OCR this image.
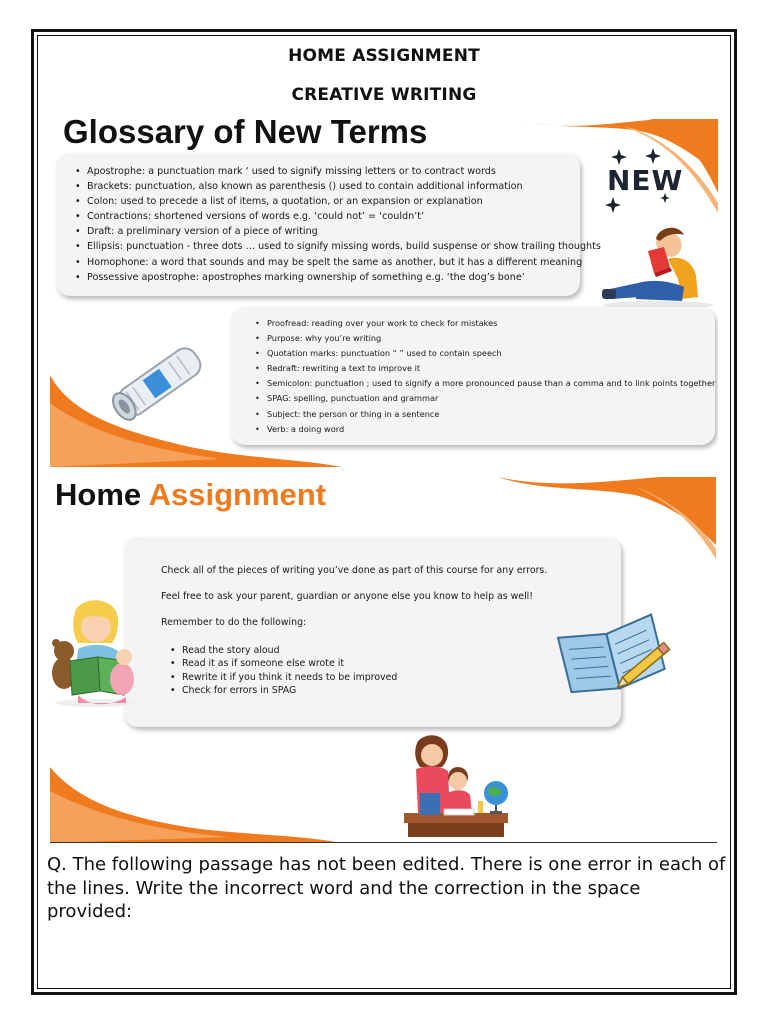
HOME ASSIGNMENT
CREATIVE WRITING
Glossary of New Terms
• Apostrophe: a punctuation mark ‘ used to signify missing letters or to contract words
• Brackets: punctuation, also known as parenthesis () used to contain additional information
• Colon: used to precede a list of items, a quotation, or an expansion or explanation
• Contractions: shortened versions of words e.g. ‘could not’ = ‘couldn’t’
• Draft: a preliminary version of a piece of writing
• Ellipsis: punctuation - three dots … used to signify missing words, build suspense or show trailing thoughts
• Homophone: a word that sounds and may be spelt the same as another, but it has a different meaning
• Possessive apostrophe: apostrophes marking ownership of something e.g. ‘the dog’s bone’
NEW
• Proofread: reading over your work to check for mistakes
• Purpose: why you’re writing
• Quotation marks: punctuation “ ” used to contain speech
• Redraft: rewriting a text to improve it
• Semicolon: punctuation ; used to signify a more pronounced pause than a comma and to link points together
• SPAG: spelling, punctuation and grammar
• Subject: the person or thing in a sentence
• Verb: a doing word
Home Assignment
Check all of the pieces of writing you’ve done as part of this course for any errors.
Feel free to ask your parent, guardian or anyone else you know to help as well!
Remember to do the following:
• Read the story aloud
• Read it as if someone else wrote it
• Rewrite it if you think it needs to be improved
• Check for errors in SPAG
Q. The following passage has not been edited. There is one error in each of the lines. Write the incorrect word and the correction in the space provided:
